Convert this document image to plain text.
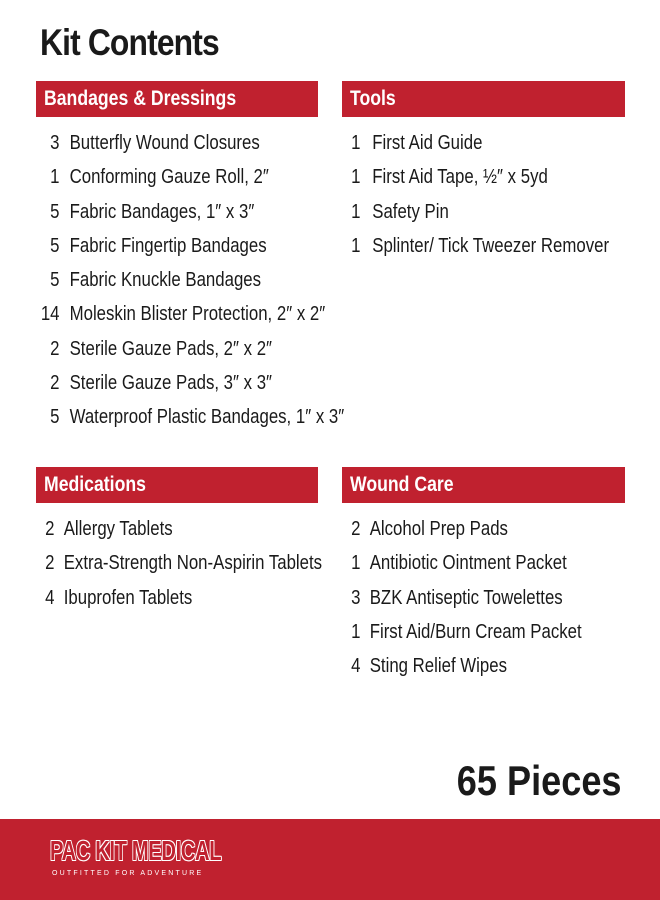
Kit Contents
Bandages & Dressings
3 Butterfly Wound Closures
1 Conforming Gauze Roll, 2″
5 Fabric Bandages, 1″ x 3″
5 Fabric Fingertip Bandages
5 Fabric Knuckle Bandages
14 Moleskin Blister Protection, 2″ x 2″
2 Sterile Gauze Pads, 2″ x 2″
2 Sterile Gauze Pads, 3″ x 3″
5 Waterproof Plastic Bandages, 1″ x 3″
Tools
1 First Aid Guide
1 First Aid Tape, ½″ x 5yd
1 Safety Pin
1 Splinter/ Tick Tweezer Remover
Medications
2 Allergy Tablets
2 Extra-Strength Non-Aspirin Tablets
4 Ibuprofen Tablets
Wound Care
2 Alcohol Prep Pads
1 Antibiotic Ointment Packet
3 BZK Antiseptic Towelettes
1 First Aid/Burn Cream Packet
4 Sting Relief Wipes
65 Pieces
PAC KIT MEDICAL
OUTFITTED FOR ADVENTURE
